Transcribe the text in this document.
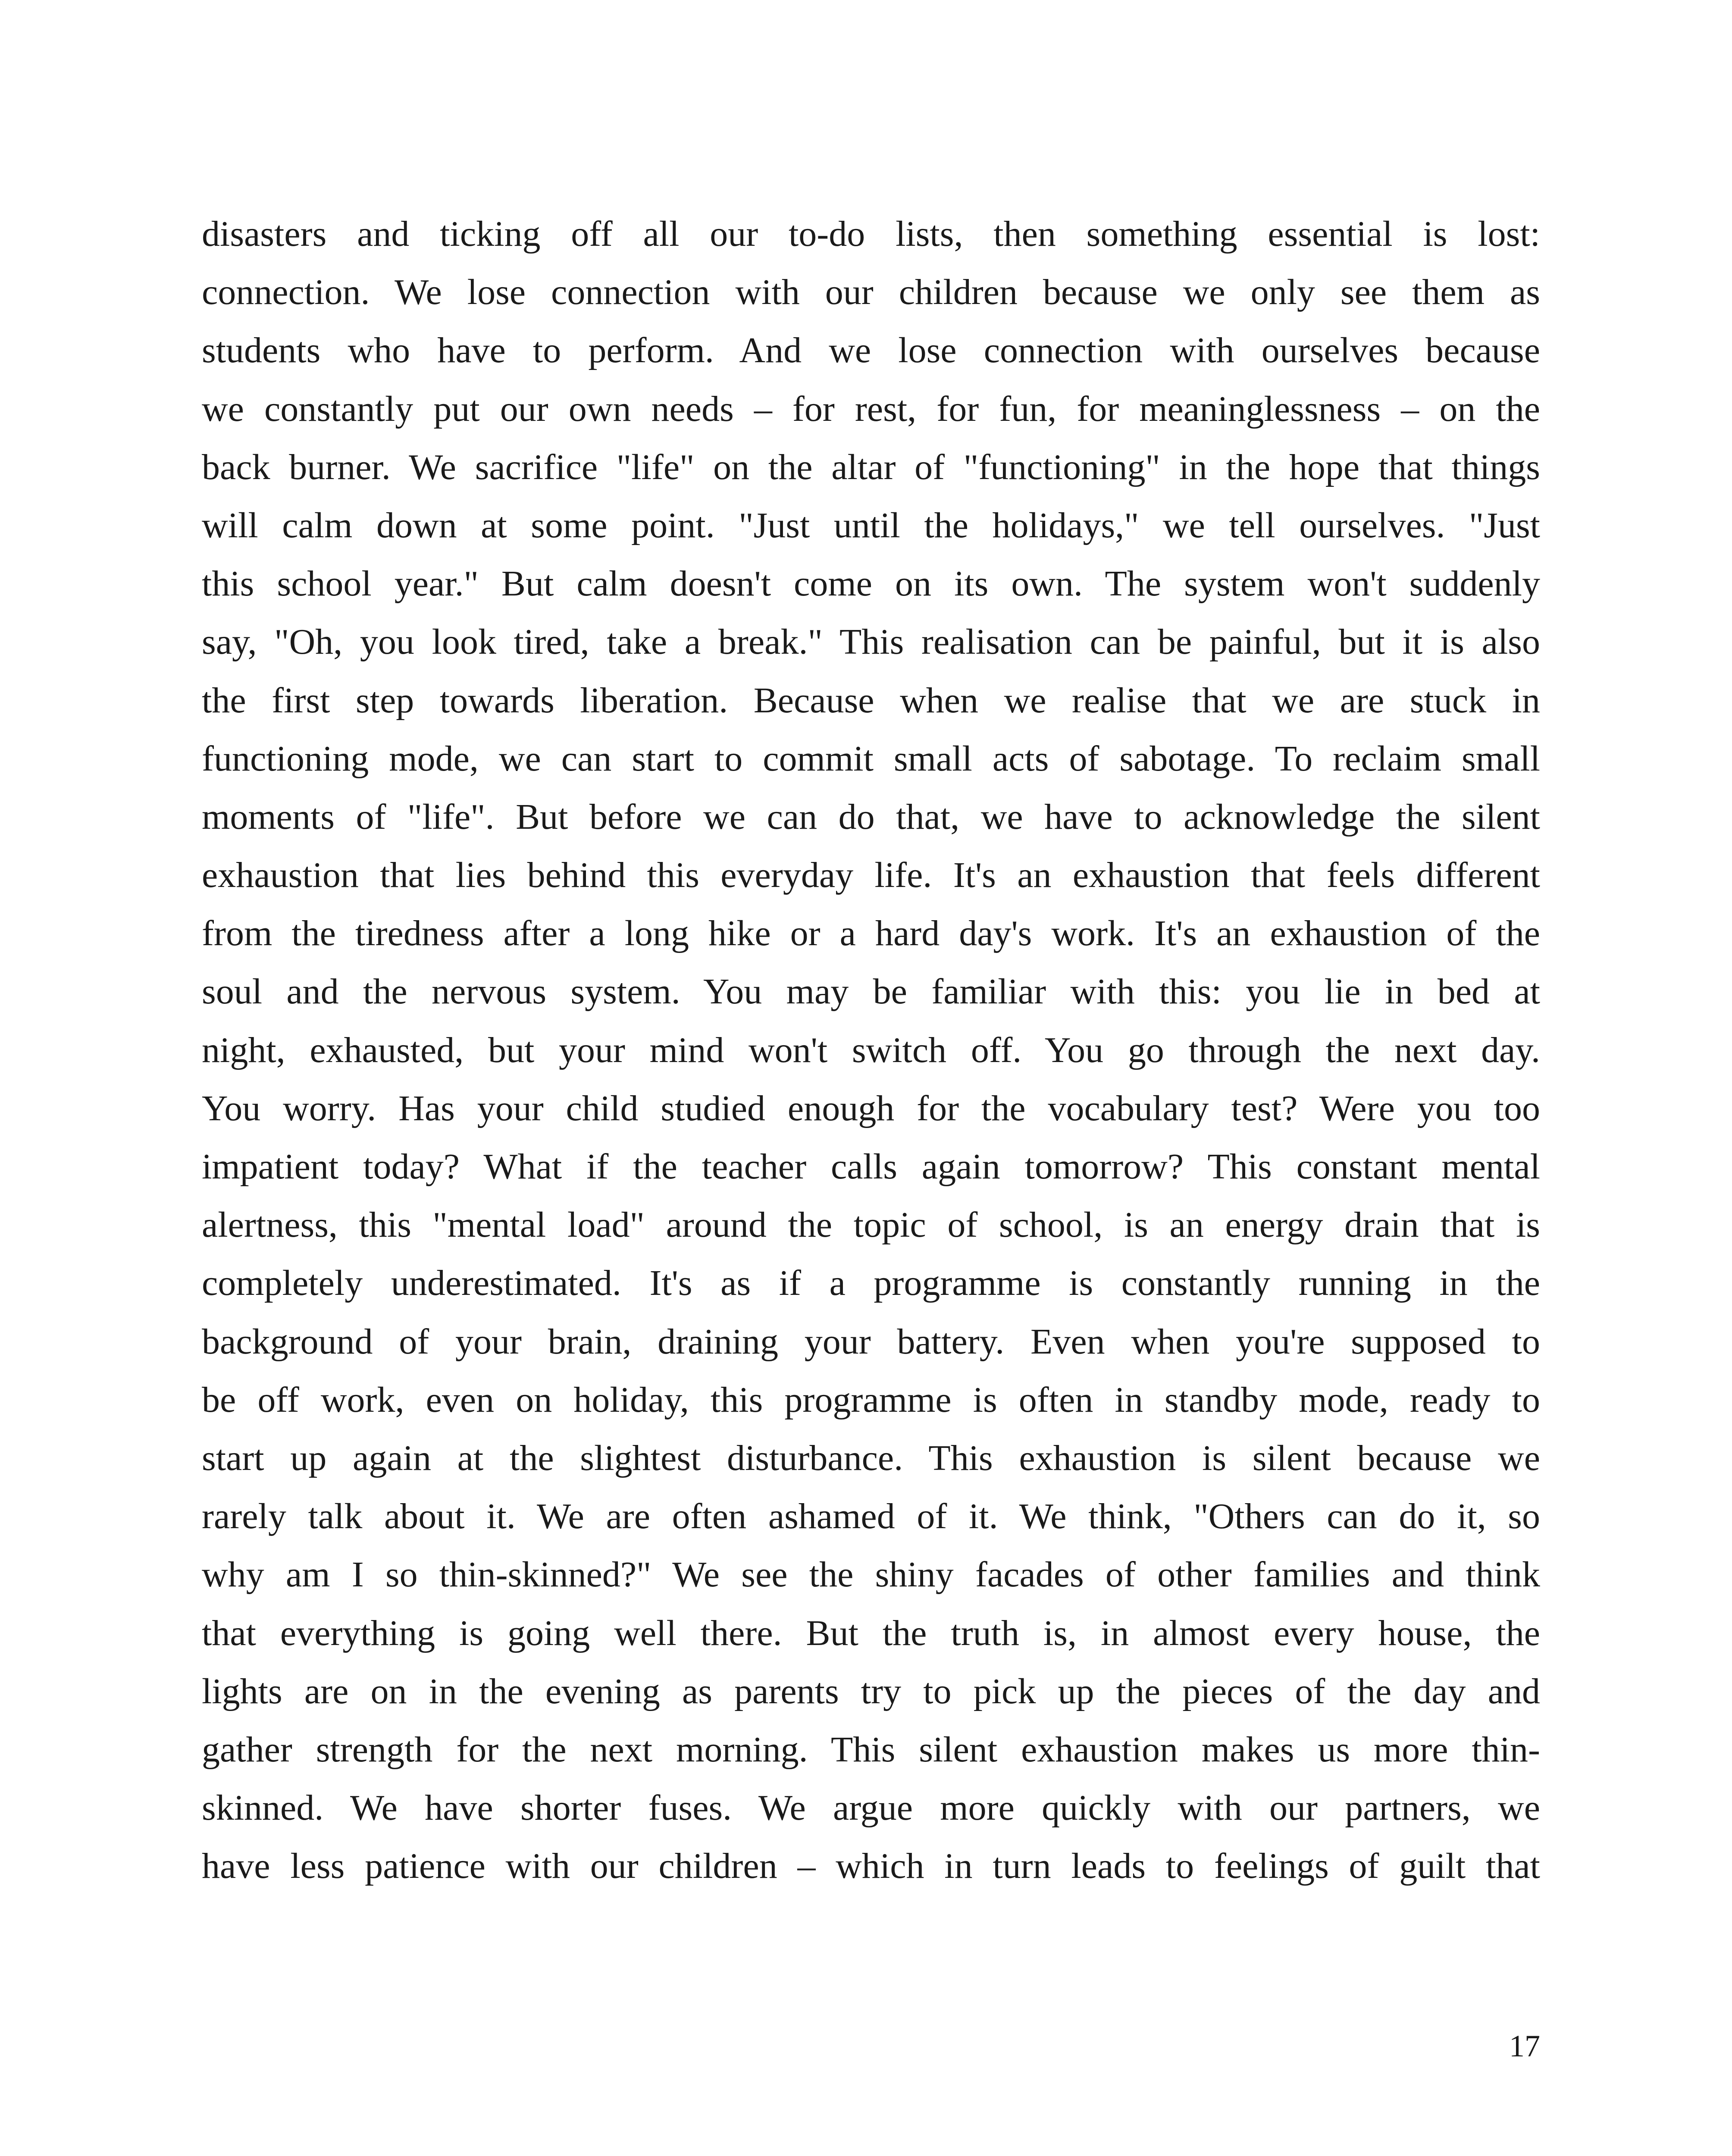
disasters and ticking off all our to-do lists, then something essential is lost:
connection. We lose connection with our children because we only see them as
students who have to perform. And we lose connection with ourselves because
we constantly put our own needs – for rest, for fun, for meaninglessness – on the
back burner. We sacrifice "life" on the altar of "functioning" in the hope that things
will calm down at some point. "Just until the holidays," we tell ourselves. "Just
this school year." But calm doesn't come on its own. The system won't suddenly
say, "Oh, you look tired, take a break." This realisation can be painful, but it is also
the first step towards liberation. Because when we realise that we are stuck in
functioning mode, we can start to commit small acts of sabotage. To reclaim small
moments of "life". But before we can do that, we have to acknowledge the silent
exhaustion that lies behind this everyday life. It's an exhaustion that feels different
from the tiredness after a long hike or a hard day's work. It's an exhaustion of the
soul and the nervous system. You may be familiar with this: you lie in bed at
night, exhausted, but your mind won't switch off. You go through the next day.
You worry. Has your child studied enough for the vocabulary test? Were you too
impatient today? What if the teacher calls again tomorrow? This constant mental
alertness, this "mental load" around the topic of school, is an energy drain that is
completely underestimated. It's as if a programme is constantly running in the
background of your brain, draining your battery. Even when you're supposed to
be off work, even on holiday, this programme is often in standby mode, ready to
start up again at the slightest disturbance. This exhaustion is silent because we
rarely talk about it. We are often ashamed of it. We think, "Others can do it, so
why am I so thin-skinned?" We see the shiny facades of other families and think
that everything is going well there. But the truth is, in almost every house, the
lights are on in the evening as parents try to pick up the pieces of the day and
gather strength for the next morning. This silent exhaustion makes us more thin-
skinned. We have shorter fuses. We argue more quickly with our partners, we
have less patience with our children – which in turn leads to feelings of guilt that
17
